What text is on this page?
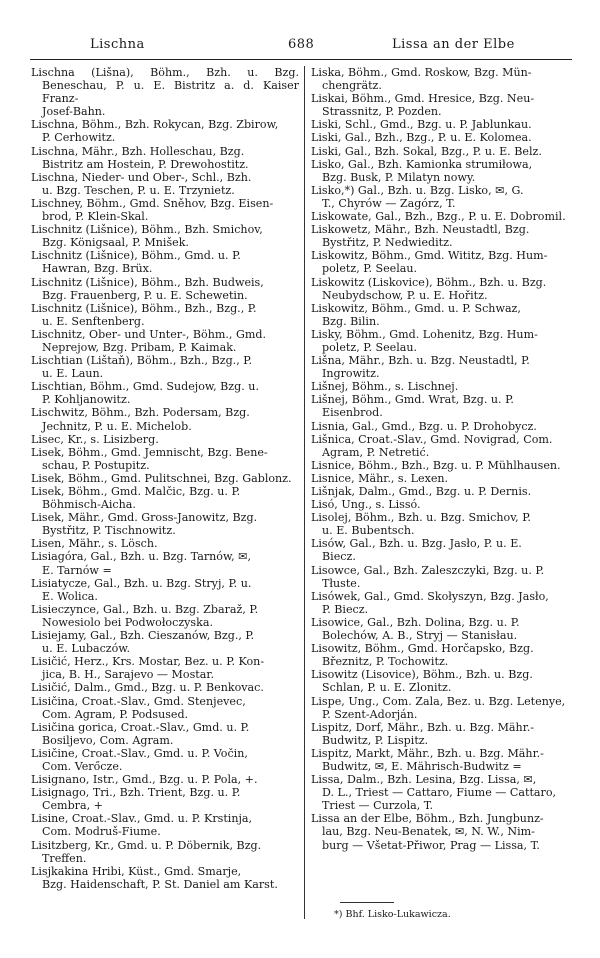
Lischna	688	Lissa an der Elbe
Lischna (Lišna), Böhm., Bzh. u. Bzg. Beneschau, P. u. E. Bistritz a. d. Kaiser Franz-
Josef-Bahn.
Lischna, Böhm., Bzh. Rokycan, Bzg. Zbirow,
P. Cerhowitz.
Lischna, Mähr., Bzh. Holleschau, Bzg.
Bistritz am Hostein, P. Drewohostitz.
Lischna, Nieder- und Ober-, Schl., Bzh.
u. Bzg. Teschen, P. u. E. Trzynietz.
Lischney, Böhm., Gmd. Sněhov, Bzg. Eisen-
brod, P. Klein-Skal.
Lischnitz (Lišnice), Böhm., Bzh. Smichov,
Bzg. Königsaal, P. Mnišek.
Lischnitz (Lišnice), Böhm., Gmd. u. P.
Hawran, Bzg. Brüx.
Lischnitz (Lišnice), Böhm., Bzh. Budweis,
Bzg. Frauenberg, P. u. E. Schewetin.
Lischnitz (Lišnice), Böhm., Bzh., Bzg., P.
u. E. Senftenberg.
Lischnitz, Ober- und Unter-, Böhm., Gmd.
Neprejow, Bzg. Pribam, P. Kaimak.
Lischtian (Lištaň), Böhm., Bzh., Bzg., P.
u. E. Laun.
Lischtian, Böhm., Gmd. Sudejow, Bzg. u.
P. Kohljanowitz.
Lischwitz, Böhm., Bzh. Podersam, Bzg.
Jechnitz, P. u. E. Michelob.
Lisec, Kr., s. Lisizberg.
Lisek, Böhm., Gmd. Jemnischt, Bzg. Bene-
schau, P. Postupitz.
Lisek, Böhm., Gmd. Pulitschnei, Bzg. Gablonz.
Lisek, Böhm., Gmd. Malčic, Bzg. u. P.
Böhmisch-Aicha.
Lisek, Mähr., Gmd. Gross-Janowitz, Bzg.
Bystřitz, P. Tischnowitz.
Lisen, Mähr., s. Lösch.
Lisiagóra, Gal., Bzh. u. Bzg. Tarnów, ✉,
E. Tarnów =
Lisiatycze, Gal., Bzh. u. Bzg. Stryj, P. u.
E. Wolica.
Lisieczynce, Gal., Bzh. u. Bzg. Zbaraž, P.
Nowesiolo bei Podwołoczyska.
Lisiejamy, Gal., Bzh. Cieszanów, Bzg., P.
u. E. Lubaczów.
Lisičić, Herz., Krs. Mostar, Bez. u. P. Kon-
jica, B. H., Sarajevo — Mostar.
Lisičić, Dalm., Gmd., Bzg. u. P. Benkovac.
Lisičina, Croat.-Slav., Gmd. Stenjevec,
Com. Agram, P. Podsused.
Lisičina gorica, Croat.-Slav., Gmd. u. P.
Bosiljevo, Com. Agram.
Lisičine, Croat.-Slav., Gmd. u. P. Vočin,
Com. Verőcze.
Lisignano, Istr., Gmd., Bzg. u. P. Pola, +.
Lisignago, Tri., Bzh. Trient, Bzg. u. P.
Cembra, +
Lisine, Croat.-Slav., Gmd. u. P. Krstinja,
Com. Modruš-Fiume.
Lisitzberg, Kr., Gmd. u. P. Döbernik, Bzg.
Treffen.
Lisjkakina Hribi, Küst., Gmd. Smarje,
Bzg. Haidenschaft, P. St. Daniel am Karst.
Liska, Böhm., Gmd. Roskow, Bzg. Mün-
chengrätz.
Liskai, Böhm., Gmd. Hresice, Bzg. Neu-
Strassnitz, P. Pozden.
Liski, Schl., Gmd., Bzg. u. P. Jablunkau.
Liski, Gal., Bzh., Bzg., P. u. E. Kolomea.
Liski, Gal., Bzh. Sokal, Bzg., P. u. E. Belz.
Lisko, Gal., Bzh. Kamionka strumiłowa,
Bzg. Busk, P. Milatyn nowy.
Lisko,*) Gal., Bzh. u. Bzg. Lisko, ✉, G.
T., Chyrów — Zagórz, T.
Liskowate, Gal., Bzh., Bzg., P. u. E. Dobromil.
Liskowetz, Mähr., Bzh. Neustadtl, Bzg.
Bystřitz, P. Nedwieditz.
Liskowitz, Böhm., Gmd. Wititz, Bzg. Hum-
poletz, P. Seelau.
Liskowitz (Liskovice), Böhm., Bzh. u. Bzg.
Neubydschow, P. u. E. Hořitz.
Liskowitz, Böhm., Gmd. u. P. Schwaz,
Bzg. Bilin.
Lisky, Böhm., Gmd. Lohenitz, Bzg. Hum-
poletz, P. Seelau.
Lišna, Mähr., Bzh. u. Bzg. Neustadtl, P.
Ingrowitz.
Lišnej, Böhm., s. Lischnej.
Lišnej, Böhm., Gmd. Wrat, Bzg. u. P.
Eisenbrod.
Lisnia, Gal., Gmd., Bzg. u. P. Drohobycz.
Lišnica, Croat.-Slav., Gmd. Novigrad, Com.
Agram, P. Netretić.
Lisnice, Böhm., Bzh., Bzg. u. P. Mühlhausen.
Lisnice, Mähr., s. Lexen.
Lišnjak, Dalm., Gmd., Bzg. u. P. Dernis.
Lisó, Ung., s. Lissó.
Lisolej, Böhm., Bzh. u. Bzg. Smichov, P.
u. E. Bubentsch.
Lisów, Gal., Bzh. u. Bzg. Jasło, P. u. E.
Biecz.
Lisowce, Gal., Bzh. Zaleszczyki, Bzg. u. P.
Tłuste.
Lisówek, Gal., Gmd. Skołyszyn, Bzg. Jasło,
P. Biecz.
Lisowice, Gal., Bzh. Dolina, Bzg. u. P.
Bolechów, A. B., Stryj — Stanisłau.
Lisowitz, Böhm., Gmd. Horčapsko, Bzg.
Březnitz, P. Tochowitz.
Lisowitz (Lisovice), Böhm., Bzh. u. Bzg.
Schlan, P. u. E. Zlonitz.
Lispe, Ung., Com. Zala, Bez. u. Bzg. Letenye,
P. Szent-Adorján.
Lispitz, Dorf, Mähr., Bzh. u. Bzg. Mähr.-
Budwitz, P. Lispitz.
Lispitz, Markt, Mähr., Bzh. u. Bzg. Mähr.-
Budwitz, ✉, E. Mährisch-Budwitz =
Lissa, Dalm., Bzh. Lesina, Bzg. Lissa, ✉,
D. L., Triest — Cattaro, Fiume — Cattaro,
Triest — Curzola, T.
Lissa an der Elbe, Böhm., Bzh. Jungbunz-
lau, Bzg. Neu-Benatek, ✉, N. W., Nim-
burg — Všetat-Přiwor, Prag — Lissa, T.
*) Bhf. Lisko-Lukawicza.
